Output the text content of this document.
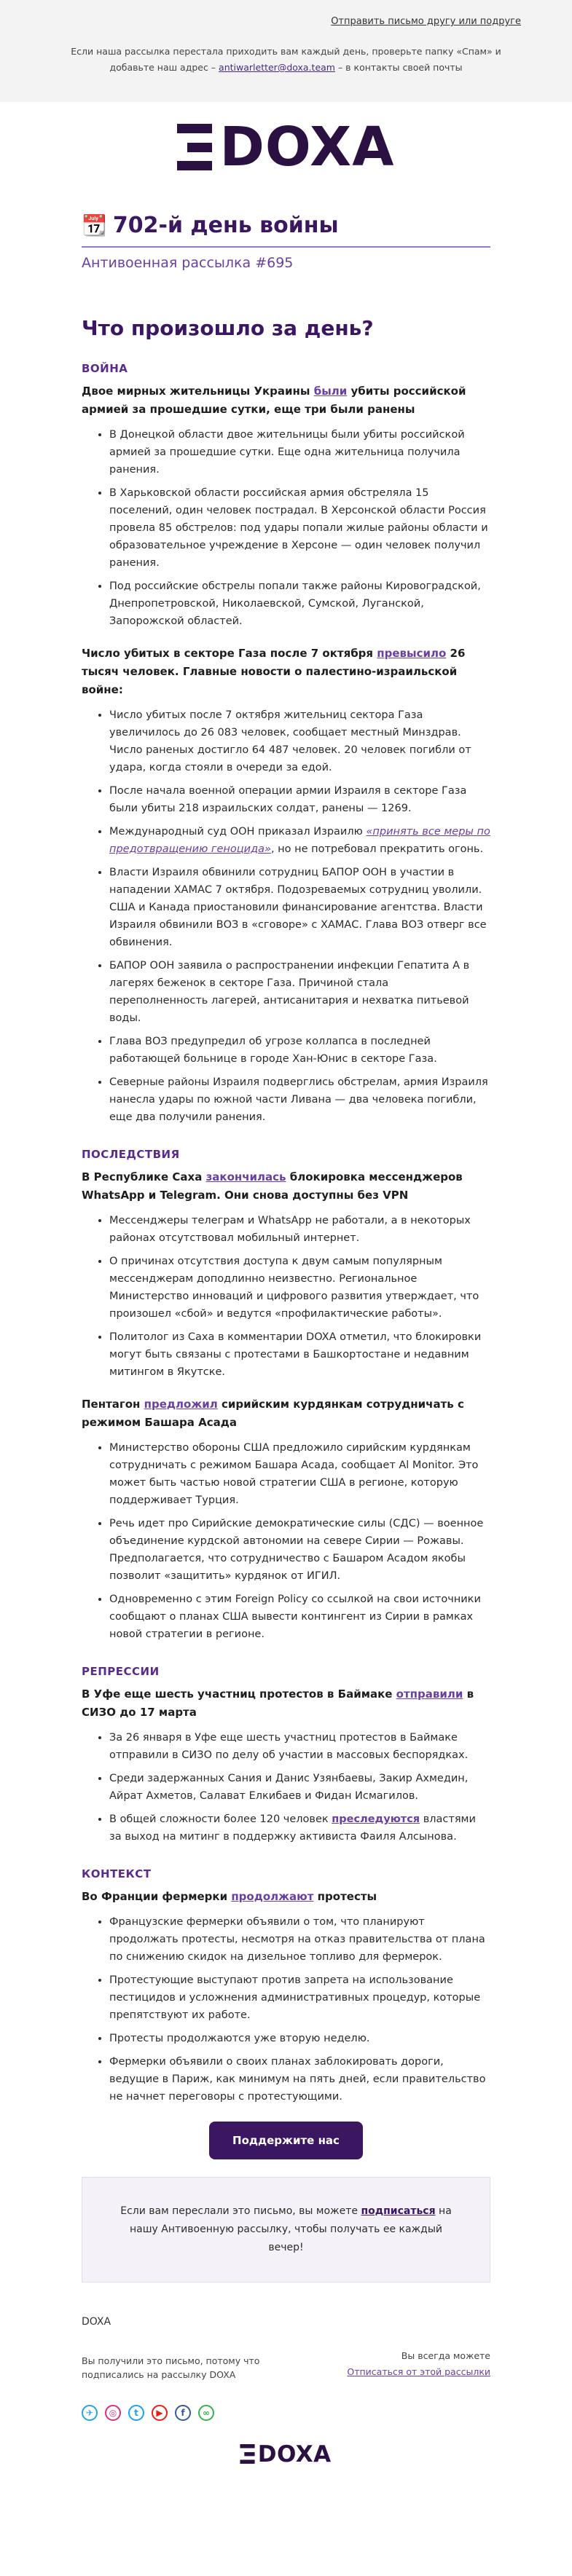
Отправить письмо другу или подруге
Если наша рассылка перестала приходить вам каждый день, проверьте папку «Спам» и добавьте наш адрес – antiwarletter@doxa.team – в контакты своей почты
DOXA
📆 702-й день войны
Антивоенная рассылка #695
Что произошло за день?
ВОЙНА

Двое мирных жительницы Украины были убиты российской армией за прошедшие сутки, еще три были ранены

• В Донецкой области двое жительницы были убиты российской армией за прошедшие сутки. Еще одна жительница получила ранения.
• В Харьковской области российская армия обстреляла 15 поселений, один человек пострадал. В Херсонской области Россия провела 85 обстрелов: под удары попали жилые районы области и образовательное учреждение в Херсоне — один человек получил ранения.
• Под российские обстрелы попали также районы Кировоградской, Днепропетровской, Николаевской, Сумской, Луганской, Запорожской областей.

Число убитых в секторе Газа после 7 октября превысило 26 тысяч человек. Главные новости о палестино-израильской войне:

• Число убитых после 7 октября жительниц сектора Газа увеличилось до 26 083 человек, сообщает местный Минздрав. Число раненых достигло 64 487 человек. 20 человек погибли от удара, когда стояли в очереди за едой.
• После начала военной операции армии Израиля в секторе Газа были убиты 218 израильских солдат, ранены — 1269.
• Международный суд ООН приказал Израилю «принять все меры по предотвращению геноцида», но не потребовал прекратить огонь.
• Власти Израиля обвинили сотрудниц БАПОР ООН в участии в нападении ХАМАС 7 октября. Подозреваемых сотрудниц уволили. США и Канада приостановили финансирование агентства. Власти Израиля обвинили ВОЗ в «сговоре» с ХАМАС. Глава ВОЗ отверг все обвинения.
• БАПОР ООН заявила о распространении инфекции Гепатита А в лагерях беженок в секторе Газа. Причиной стала переполненность лагерей, антисанитария и нехватка питьевой воды.
• Глава ВОЗ предупредил об угрозе коллапса в последней работающей больнице в городе Хан-Юнис в секторе Газа.
• Северные районы Израиля подверглись обстрелам, армия Израиля нанесла удары по южной части Ливана — два человека погибли, еще два получили ранения.
ПОСЛЕДСТВИЯ

В Республике Саха закончилась блокировка мессенджеров WhatsApp и Telegram. Они снова доступны без VPN

• Мессенджеры телеграм и WhatsApp не работали, а в некоторых районах отсутствовал мобильный интернет.
• О причинах отсутствия доступа к двум самым популярным мессенджерам доподлинно неизвестно. Региональное Министерство инноваций и цифрового развития утверждает, что произошел «сбой» и ведутся «профилактические работы».
• Политолог из Саха в комментарии DOXA отметил, что блокировки могут быть связаны с протестами в Башкортостане и недавним митингом в Якутске.

Пентагон предложил сирийским курдянкам сотрудничать с режимом Башара Асада

• Министерство обороны США предложило сирийским курдянкам сотрудничать с режимом Башара Асада, сообщает Al Monitor. Это может быть частью новой стратегии США в регионе, которую поддерживает Турция.
• Речь идет про Сирийские демократические силы (СДС) — военное объединение курдской автономии на севере Сирии — Рожавы. Предполагается, что сотрудничество с Башаром Асадом якобы позволит «защитить» курдянок от ИГИЛ.
• Одновременно с этим Foreign Policy со ссылкой на свои источники сообщают о планах США вывести контингент из Сирии в рамках новой стратегии в регионе.
РЕПРЕССИИ

В Уфе еще шесть участниц протестов в Баймаке отправили в СИЗО до 17 марта

• За 26 января в Уфе еще шесть участниц протестов в Баймаке отправили в СИЗО по делу об участии в массовых беспорядках.
• Среди задержанных Сания и Данис Узянбаевы, Закир Ахмедин, Айрат Ахметов, Салават Елкибаев и Фидан Исмагилов.
• В общей сложности более 120 человек преследуются властями за выход на митинг в поддержку активиста Фаиля Алсынова.
КОНТЕКСТ

Во Франции фермерки продолжают протесты

• Французские фермерки объявили о том, что планируют продолжать протесты, несмотря на отказ правительства от плана по снижению скидок на дизельное топливо для фермерок.
• Протестующие выступают против запрета на использование пестицидов и усложнения административных процедур, которые препятствуют их работе.
• Протесты продолжаются уже вторую неделю.
• Фермерки объявили о своих планах заблокировать дороги, ведущие в Париж, как минимум на пять дней, если правительство не начнет переговоры с протестующими.
Поддержите нас
Если вам переслали это письмо, вы можете подписаться на нашу Антивоенную рассылку, чтобы получать ее каждый вечер!
DOXA
Вы получили это письмо, потому что подписались на рассылку DOXA
Вы всегда можете
Отписаться от этой рассылки
✈	◎	t	▶	f	∞
DOXA
